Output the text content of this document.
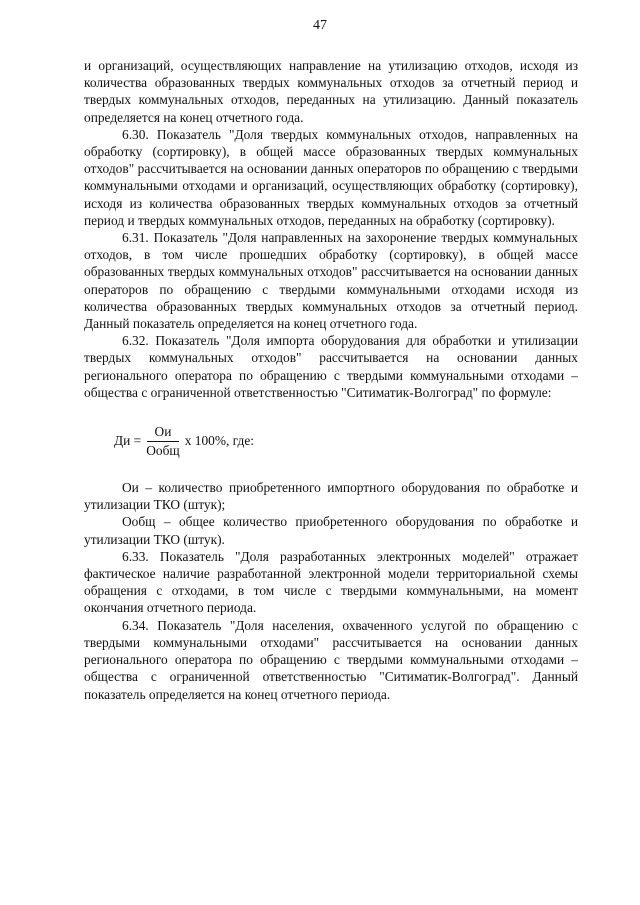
47

и организаций, осуществляющих направление на утилизацию отходов, исходя из количества образованных твердых коммунальных отходов за отчетный период и твердых коммунальных отходов, переданных на утилизацию. Данный показатель определяется на конец отчетного года.

6.30. Показатель "Доля твердых коммунальных отходов, направленных на обработку (сортировку), в общей массе образованных твердых коммунальных отходов" рассчитывается на основании данных операторов по обращению с твердыми коммунальными отходами и организаций, осуществляющих обработку (сортировку), исходя из количества образованных твердых коммунальных отходов за отчетный период и твердых коммунальных отходов, переданных на обработку (сортировку).

6.31. Показатель "Доля направленных на захоронение твердых коммунальных отходов, в том числе прошедших обработку (сортировку), в общей массе образованных твердых коммунальных отходов" рассчитывается на основании данных операторов по обращению с твердыми коммунальными отходами исходя из количества образованных твердых коммунальных отходов за отчетный период. Данный показатель определяется на конец отчетного года.

6.32. Показатель "Доля импорта оборудования для обработки и утилизации твердых коммунальных отходов" рассчитывается на основании данных регионального оператора по обращению с твердыми коммунальными отходами – общества с ограниченной ответственностью "Ситиматик-Волгоград" по формуле:

Ди = $\frac{Ои}{\text{Ообщ}}$ х 100%, где:

Ои – количество приобретенного импортного оборудования по обработке и утилизации ТКО (штук);

Ообщ – общее количество приобретенного оборудования по обработке и утилизации ТКО (штук).

6.33. Показатель "Доля разработанных электронных моделей" отражает фактическое наличие разработанной электронной модели территориальной схемы обращения с отходами, в том числе с твердыми коммунальными, на момент окончания отчетного периода.

6.34. Показатель "Доля населения, охваченного услугой по обращению с твердыми коммунальными отходами" рассчитывается на основании данных регионального оператора по обращению с твердыми коммунальными отходами – общества с ограниченной ответственностью "Ситиматик-Волгоград". Данный показатель определяется на конец отчетного периода.
